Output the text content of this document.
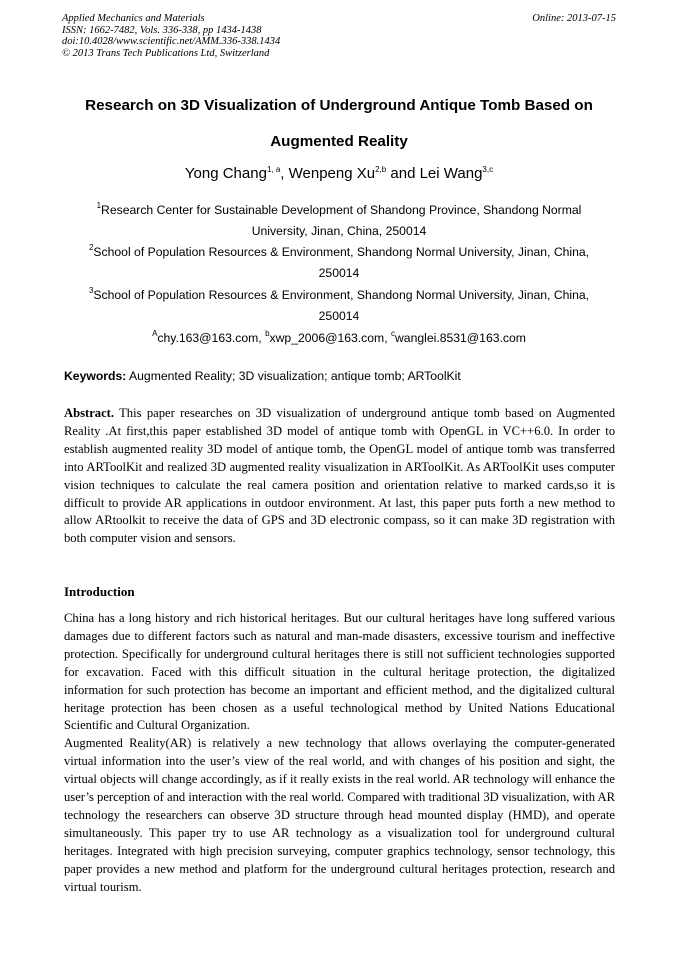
Applied Mechanics and Materials
ISSN: 1662-7482, Vols. 336-338, pp 1434-1438
doi:10.4028/www.scientific.net/AMM.336-338.1434
© 2013 Trans Tech Publications Ltd, Switzerland
Online: 2013-07-15
Research on 3D Visualization of Underground Antique Tomb Based on
Augmented Reality
Yong Chang$^{1, a}$, Wenpeng Xu$^{2,b}$ and Lei Wang$^{3,c}$
$^1$Research Center for Sustainable Development of Shandong Province, Shandong Normal
University, Jinan, China, 250014
$^2$School of Population Resources & Environment, Shandong Normal University, Jinan, China,
250014
$^3$School of Population Resources & Environment, Shandong Normal University, Jinan, China,
250014
$^A$chy.163@163.com, $^b$xwp_2006@163.com, $^c$wanglei.8531@163.com
Keywords: Augmented Reality; 3D visualization; antique tomb; ARToolKit
Abstract. This paper researches on 3D visualization of underground antique tomb based on Augmented Reality .At first,this paper established 3D model of antique tomb with OpenGL in VC++6.0. In order to establish augmented reality 3D model of antique tomb, the OpenGL model of antique tomb was transferred into ARToolKit and realized 3D augmented reality visualization in ARToolKit. As ARToolKit uses computer vision techniques to calculate the real camera position and orientation relative to marked cards,so it is difficult to provide AR applications in outdoor environment. At last, this paper puts forth a new method to allow ARtoolkit to receive the data of GPS and 3D electronic compass, so it can make 3D registration with both computer vision and sensors.
Introduction

China has a long history and rich historical heritages. But our cultural heritages have long suffered various damages due to different factors such as natural and man-made disasters, excessive tourism and ineffective protection. Specifically for underground cultural heritages there is still not sufficient technologies supported for excavation. Faced with this difficult situation in the cultural heritage protection, the digitalized information for such protection has become an important and efficient method, and the digitalized cultural heritage protection has been chosen as a useful technological method by United Nations Educational Scientific and Cultural Organization.

Augmented Reality(AR) is relatively a new technology that allows overlaying the computer-generated virtual information into the user’s view of the real world, and with changes of his position and sight, the virtual objects will change accordingly, as if it really exists in the real world. AR technology will enhance the user’s perception of and interaction with the real world. Compared with traditional 3D visualization, with AR technology the researchers can observe 3D structure through head mounted display (HMD), and operate simultaneously. This paper try to use AR technology as a visualization tool for underground cultural heritages. Integrated with high precision surveying, computer graphics technology, sensor technology, this paper provides a new method and platform for the underground cultural heritages protection, research and virtual tourism.
